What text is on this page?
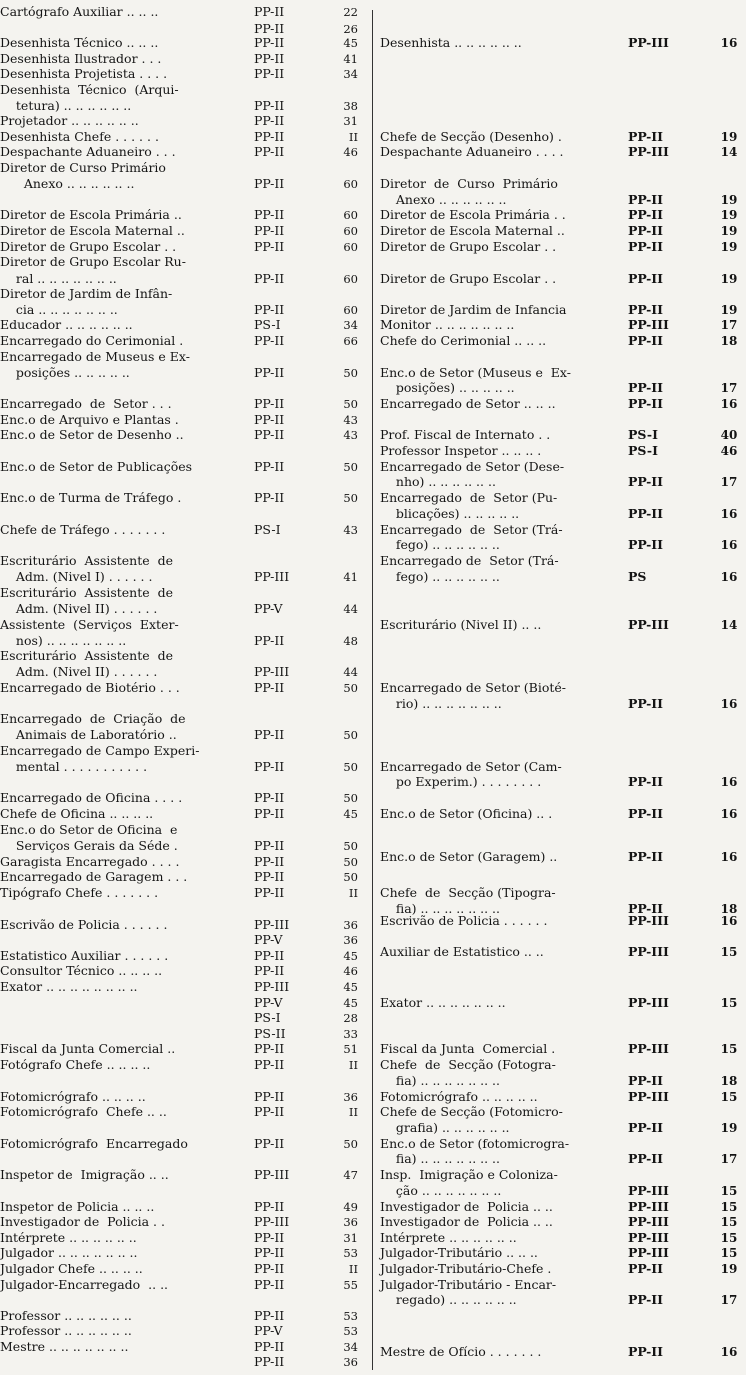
Cartógrafo Auxiliar .. .. ..	PP-II	22
PP-II	26
Desenhista Técnico .. .. ..	PP-II	45
Desenhista Ilustrador . . .	PP-II	41
Desenhista Projetista . . . .	PP-II	34
Desenhista  Técnico  (Arqui-
tetura) .. .. .. .. .. ..	PP-II	38
Projetador .. .. .. .. .. ..	PP-II	31
Desenhista Chefe . . . . . .	PP-II	II
Despachante Aduaneiro . . .	PP-II	46
Diretor de Curso Primário
Anexo .. .. .. .. .. ..	PP-II	60
Diretor de Escola Primária ..	PP-II	60
Diretor de Escola Maternal ..	PP-II	60
Diretor de Grupo Escolar . .	PP-II	60
Diretor de Grupo Escolar Ru-
ral .. .. .. .. .. .. ..	PP-II	60
Diretor de Jardim de Infân-
cia .. .. .. .. .. .. ..	PP-II	60
Educador .. .. .. .. .. ..	PS-I	34
Encarregado do Cerimonial .	PP-II	66
Encarregado de Museus e Ex-
posições .. .. .. .. ..	PP-II	50
Encarregado  de  Setor . . .	PP-II	50
Enc.o de Arquivo e Plantas .	PP-II	43
Enc.o de Setor de Desenho ..	PP-II	43
Enc.o de Setor de Publicações	PP-II	50
Enc.o de Turma de Tráfego .	PP-II	50
Chefe de Tráfego . . . . . . .	PS-I	43
Escriturário  Assistente  de
Adm. (Nivel I) . . . . . .	PP-III	41
Escriturário  Assistente  de
Adm. (Nivel II) . . . . . .	PP-V	44
Assistente  (Serviços  Exter-
nos) .. .. .. .. .. .. ..	PP-II	48
Escriturário  Assistente  de
Adm. (Nivel II) . . . . . .	PP-III	44
Encarregado de Biotério . . .	PP-II	50
Encarregado  de  Criação  de
Animais de Laboratório ..	PP-II	50
Encarregado de Campo Experi-
mental . . . . . . . . . . .	PP-II	50
Encarregado de Oficina . . . .	PP-II	50
Chefe de Oficina .. .. .. ..	PP-II	45
Enc.o do Setor de Oficina  e
Serviços Gerais da Séde .	PP-II	50
Garagista Encarregado . . . .	PP-II	50
Encarregado de Garagem . . .	PP-II	50
Tipógrafo Chefe . . . . . . .	PP-II	II
Escrivão de Policia . . . . . .	PP-III	36
PP-V	36
Estatistico Auxiliar . . . . . .	PP-II	45
Consultor Técnico .. .. .. ..	PP-II	46
Exator .. .. .. .. .. .. .. ..	PP-III	45
PP-V	45
PS-I	28
PS-II	33
Fiscal da Junta Comercial ..	PP-II	51
Fotógrafo Chefe .. .. .. ..	PP-II	II
Fotomicrógrafo .. .. .. ..	PP-II	36
Fotomicrógrafo  Chefe .. ..	PP-II	II
Fotomicrógrafo  Encarregado	PP-II	50
Inspetor de  Imigração .. ..	PP-III	47
Inspetor de Policia .. .. ..	PP-II	49
Investigador de  Policia . .	PP-III	36
Intérprete .. .. .. .. .. ..	PP-II	31
Julgador .. .. .. .. .. .. ..	PP-II	53
Julgador Chefe .. .. .. ..	PP-II	II
Julgador-Encarregado  .. ..	PP-II	55
Professor .. .. .. .. .. ..	PP-II	53
Professor .. .. .. .. .. ..	PP-V	53
Mestre .. .. .. .. .. .. ..	PP-II	34
PP-II	36
Desenhista .. .. .. .. .. ..	PP-III	16
Chefe de Secção (Desenho) .	PP-II	19
Despachante Aduaneiro . . . .	PP-III	14
Diretor  de  Curso  Primário
Anexo .. .. .. .. .. ..	PP-II	19
Diretor de Escola Primária . .	PP-II	19
Diretor de Escola Maternal ..	PP-II	19
Diretor de Grupo Escolar . .	PP-II	19
Diretor de Grupo Escolar . .	PP-II	19
Diretor de Jardim de Infancia	PP-II	19
Monitor .. .. .. .. .. .. ..	PP-III	17
Chefe do Cerimonial .. .. ..	PP-II	18
Enc.o de Setor (Museus e  Ex-
posições) .. .. .. .. ..	PP-II	17
Encarregado de Setor .. .. ..	PP-II	16
Prof. Fiscal de Internato . .	PS-I	40
Professor Inspetor .. .. .. .	PS-I	46
Encarregado de Setor (Dese-
nho) .. .. .. .. .. ..	PP-II	17
Encarregado  de  Setor (Pu-
blicações) .. .. .. .. ..	PP-II	16
Encarregado  de  Setor (Trá-
fego) .. .. .. .. .. ..	PP-II	16
Encarregado de  Setor (Trá-
fego) .. .. .. .. .. ..	PS	16
Escriturário (Nivel II) .. ..	PP-III	14
Encarregado de Setor (Bioté-
rio) .. .. .. .. .. .. ..	PP-II	16
Encarregado de Setor (Cam-
po Experim.) . . . . . . . .	PP-II	16
Enc.o de Setor (Oficina) .. .	PP-II	16
Enc.o de Setor (Garagem) ..	PP-II	16
Chefe  de  Secção (Tipogra-
fia) .. .. .. .. .. .. ..	PP-II	18
Escrivão de Policia . . . . . .	PP-III	16
Auxiliar de Estatistico .. ..	PP-III	15
Exator .. .. .. .. .. .. ..	PP-III	15
Fiscal da Junta  Comercial .	PP-III	15
Chefe  de  Secção (Fotogra-
fia) .. .. .. .. .. .. ..	PP-II	18
Fotomicrógrafo .. .. .. .. ..	PP-III	15
Chefe de Secção (Fotomicro-
grafia) .. .. .. .. .. ..	PP-II	19
Enc.o de Setor (fotomicrogra-
fia) .. .. .. .. .. .. ..	PP-II	17
Insp.  Imigração e Coloniza-
ção .. .. .. .. .. .. ..	PP-III	15
Investigador de  Policia .. ..	PP-III	15
Investigador de  Policia .. ..	PP-III	15
Intérprete .. .. .. .. .. ..	PP-III	15
Julgador-Tributário .. .. ..	PP-III	15
Julgador-Tributário-Chefe .	PP-II	19
Julgador-Tributário - Encar-
regado) .. .. .. .. .. ..	PP-II	17
Mestre de Ofício . . . . . . .	PP-II	16
